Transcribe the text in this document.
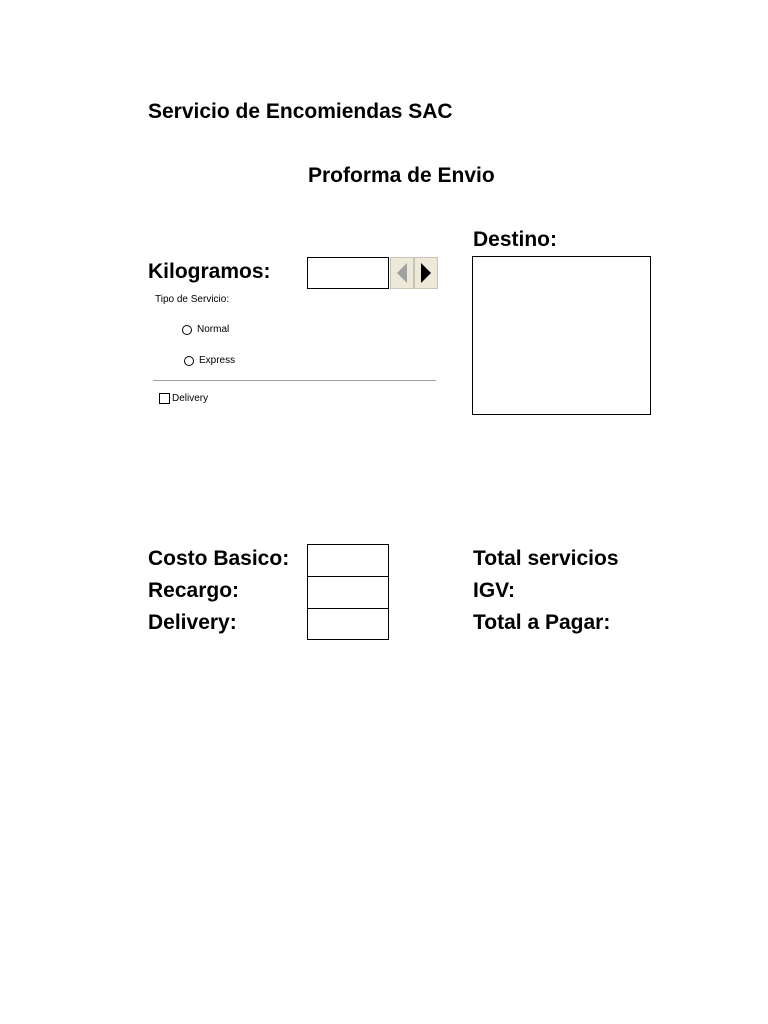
Servicio de Encomiendas SAC
Proforma de Envio
Kilogramos:
Tipo de Servicio:
Normal
Express
Delivery
Destino:
Costo Basico:
Recargo:
Delivery:
Total servicios
IGV:
Total a Pagar:
